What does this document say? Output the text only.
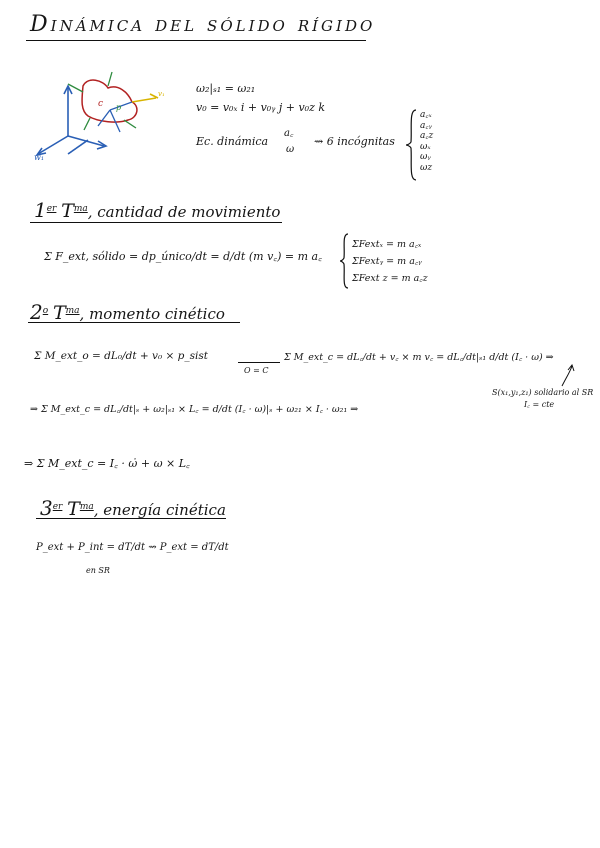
Dinámica del sólido rígido
c p
w₁
v₁	ω₂|ₛ₁ = ω₂₁
v₀ = v₀ₓ i + v₀ᵧ j + v₀z k
Ec. dinámica
a꜀
ω
⇝ 6 incógnitas
a꜀ₓ
a꜀ᵧ
a꜀z
ωₓ
ωᵧ
ωz
1er $T^{ma}$, cantidad de movimiento
Σ F_ext, sólido = dp_único/dt = d/dt (m v꜀) = m a꜀
ΣFextₓ = m a꜀ₓ
ΣFextᵧ = m a꜀ᵧ
ΣFext z = m a꜀z
2$^o$ $T^{ma}$, momento cinético
Σ M_ext_o = dL₀/dt + v₀ × p_sist
O = C
Σ M_ext_c = dL꜀/dt + v꜀ × m v꜀ = dL꜀/dt|ₛ₁ d/dt (I꜀ · ω) ⇒
S(x₁,y₁,z₁) solidario al SR
I꜀ = cte
⇒ Σ M_ext_c = dL꜀/dt|ₛ + ω₂|ₛ₁ × L꜀ = d/dt (I꜀ · ω)|ₛ + ω₂₁ × I꜀ · ω₂₁ ⇒
⇒ Σ M_ext_c = I꜀ · ω̇ + ω × L꜀
3er $T^{ma}$, energía cinética
P_ext + P_int = dT/dt ⇝ P_ext = dT/dt
en SR
